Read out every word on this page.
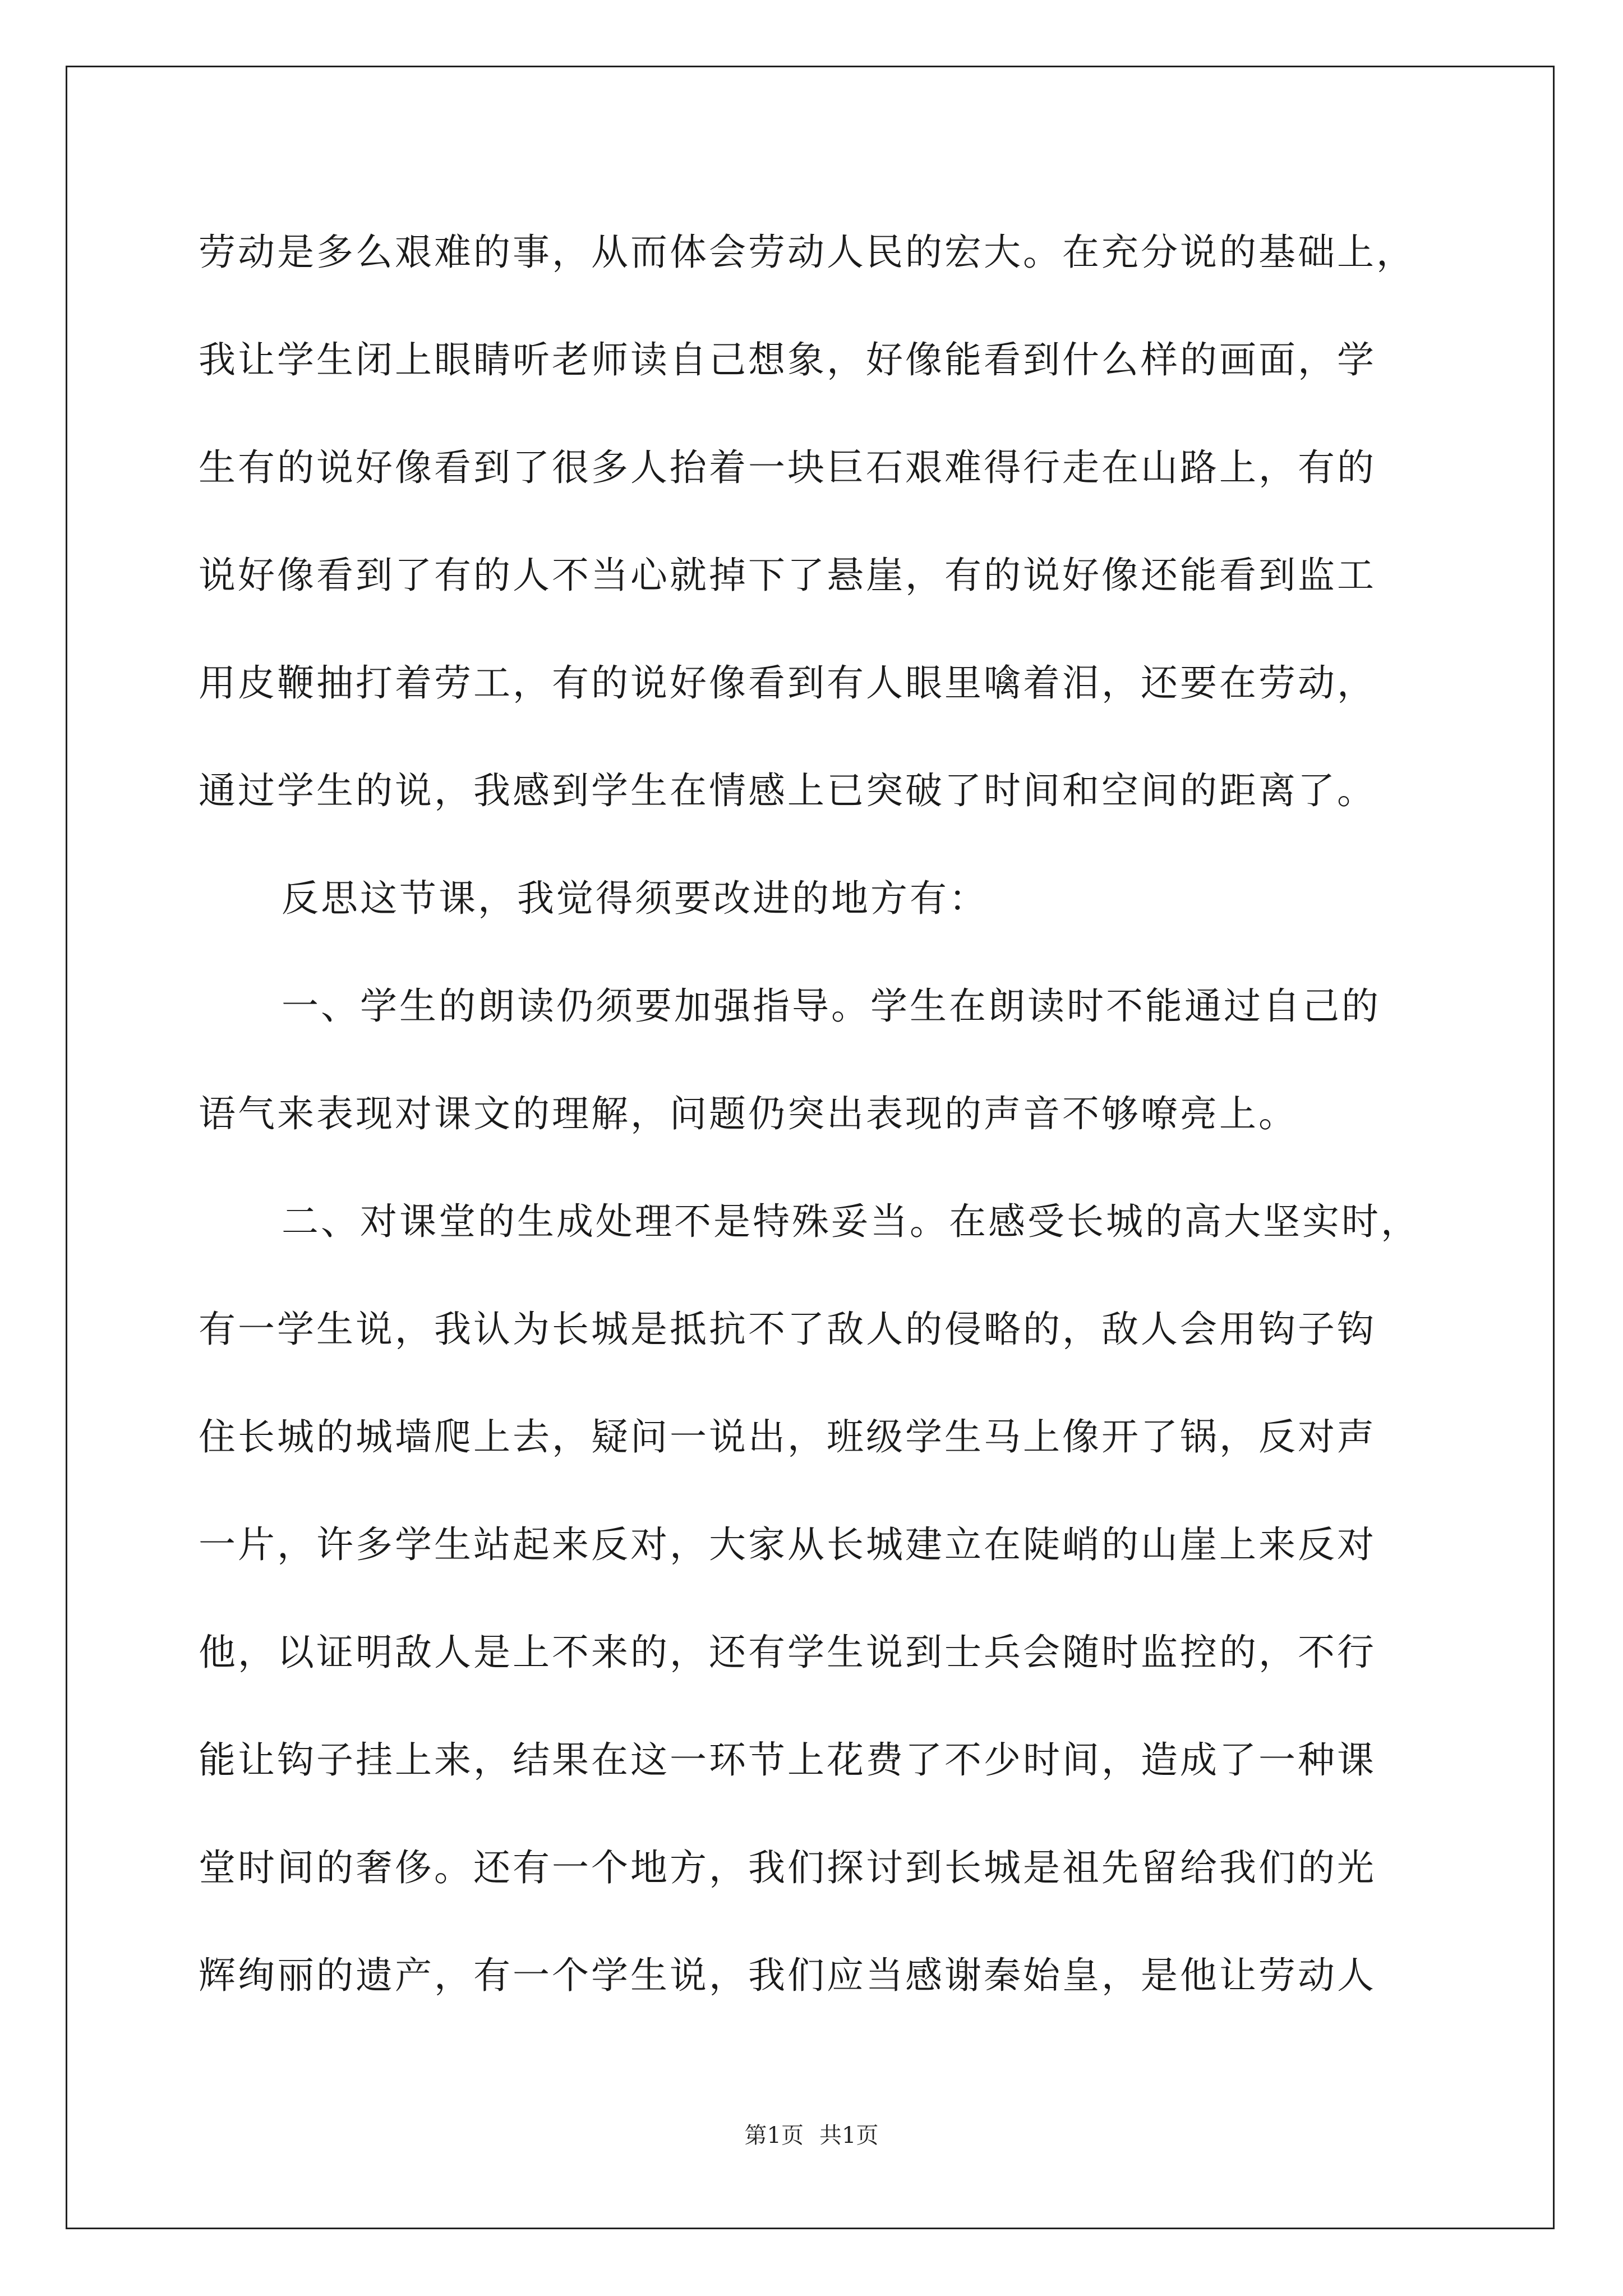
劳动是多么艰难的事，从而体会劳动人民的宏大。在充分说的基础上，
我让学生闭上眼睛听老师读自己想象，好像能看到什么样的画面，学
生有的说好像看到了很多人抬着一块巨石艰难得行走在山路上，有的
说好像看到了有的人不当心就掉下了悬崖，有的说好像还能看到监工
用皮鞭抽打着劳工，有的说好像看到有人眼里噙着泪，还要在劳动，
通过学生的说，我感到学生在情感上已突破了时间和空间的距离了。
反思这节课，我觉得须要改进的地方有：
一、学生的朗读仍须要加强指导。学生在朗读时不能通过自己的
语气来表现对课文的理解，问题仍突出表现的声音不够嘹亮上。
二、对课堂的生成处理不是特殊妥当。在感受长城的高大坚实时，
有一学生说，我认为长城是抵抗不了敌人的侵略的，敌人会用钩子钩
住长城的城墙爬上去，疑问一说出，班级学生马上像开了锅，反对声
一片，许多学生站起来反对，大家从长城建立在陡峭的山崖上来反对
他，以证明敌人是上不来的，还有学生说到士兵会随时监控的，不行
能让钩子挂上来，结果在这一环节上花费了不少时间，造成了一种课
堂时间的奢侈。还有一个地方，我们探讨到长城是祖先留给我们的光
辉绚丽的遗产，有一个学生说，我们应当感谢秦始皇，是他让劳动人
第1页 共1页
